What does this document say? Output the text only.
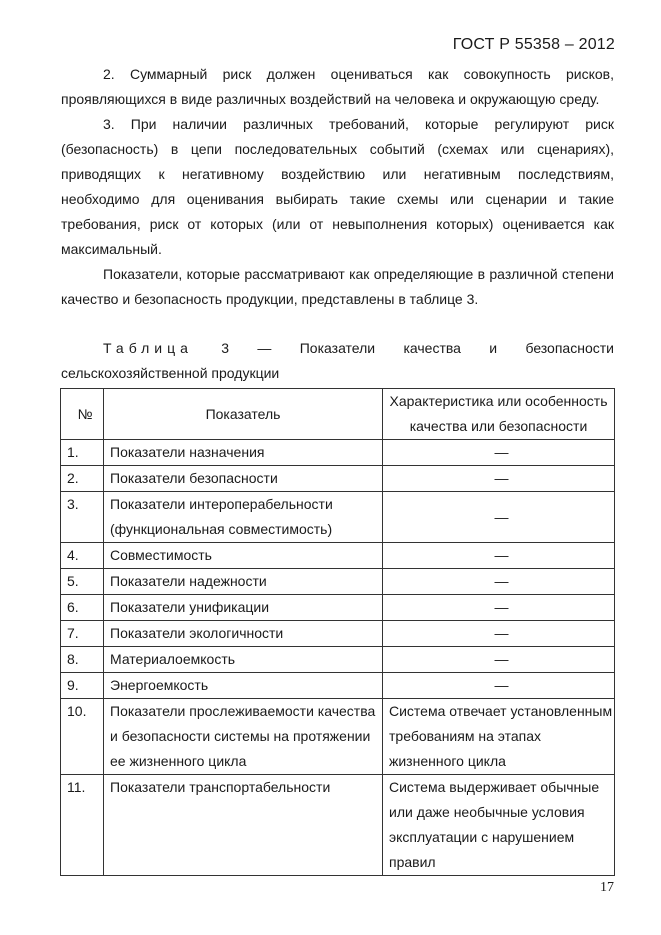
ГОСТ Р 55358 – 2012

2. Суммарный риск должен оцениваться как совокупность рисков, проявляющихся в виде различных воздействий на человека и окружающую среду.

3. При наличии различных требований, которые регулируют риск (безопасность) в цепи последовательных событий (схемах или сценариях), приводящих к негативному воздействию или негативным последствиям, необходимо для оценивания выбирать такие схемы или сценарии и такие требования, риск от которых (или от невыполнения которых) оценивается как максимальный.

Показатели, которые рассматривают как определяющие в различной степени качество и безопасность продукции, представлены в таблице 3.

Таблица 3 — Показатели качества и безопасности
сельскохозяйственной продукции
№	Показатель	Характеристика или особенность качества или безопасности
1.	Показатели назначения	—
2.	Показатели безопасности	—
3.	Показатели интероперабельности (функциональная совместимость)	—
4.	Совместимость	—
5.	Показатели надежности	—
6.	Показатели унификации	—
7.	Показатели экологичности	—
8.	Материалоемкость	—
9.	Энергоемкость	—
10.	Показатели прослеживаемости качества и безопасности системы на протяжении ее жизненного цикла	Система отвечает установленным требованиям на этапах жизненного цикла
11.	Показатели транспортабельности	Система выдерживает обычные или даже необычные условия эксплуатации с нарушением правил
17
